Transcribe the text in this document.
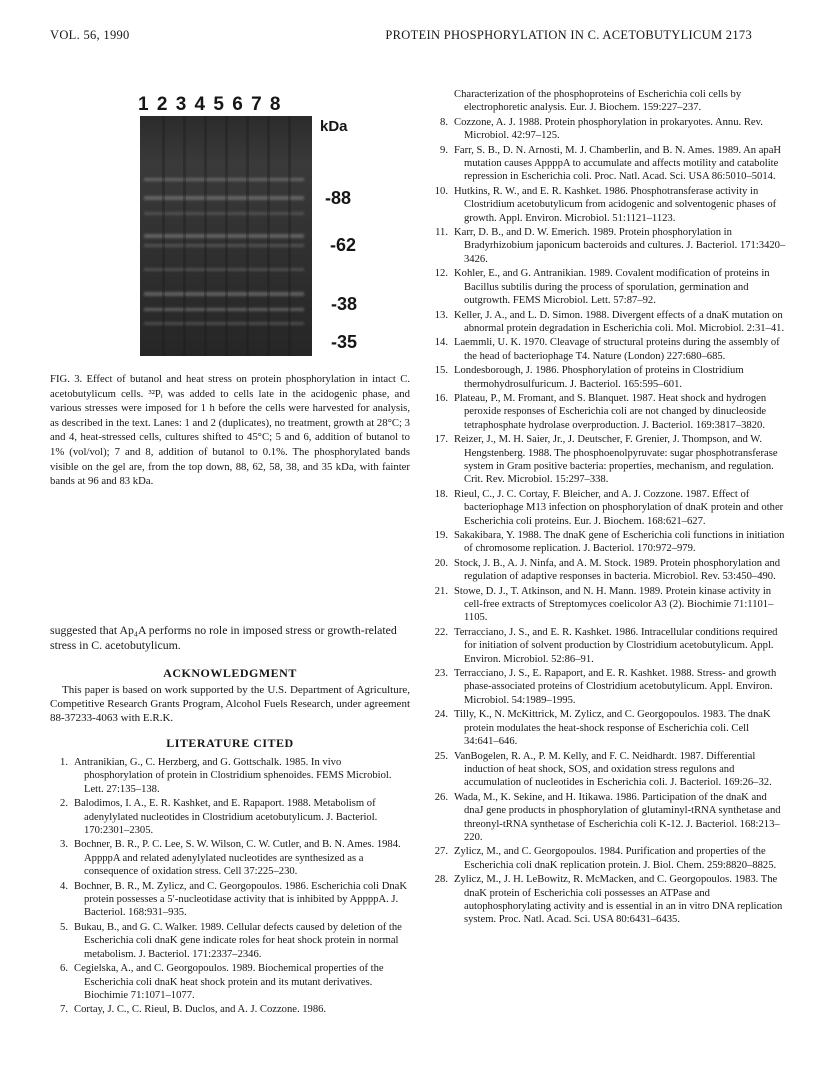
VOL. 56, 1990	PROTEIN PHOSPHORYLATION IN C. ACETOBUTYLICUM 2173
1 2 3 4 5 6 7 8
kDa
-88
-62
-38
-35
FIG. 3. Effect of butanol and heat stress on protein phosphorylation in intact C. acetobutylicum cells. ³²Pᵢ was added to cells late in the acidogenic phase, and various stresses were imposed for 1 h before the cells were harvested for analysis, as described in the text. Lanes: 1 and 2 (duplicates), no treatment, growth at 28°C; 3 and 4, heat-stressed cells, cultures shifted to 45°C; 5 and 6, addition of butanol to 1% (vol/vol); 7 and 8, addition of butanol to 0.1%. The phosphorylated bands visible on the gel are, from the top down, 88, 62, 58, 38, and 35 kDa, with fainter bands at 96 and 83 kDa.
suggested that Ap₄A performs no role in imposed stress or growth-related stress in C. acetobutylicum.
ACKNOWLEDGMENT
This paper is based on work supported by the U.S. Department of Agriculture, Competitive Research Grants Program, Alcohol Fuels Research, under agreement 88-37233-4063 with E.R.K.
LITERATURE CITED
1. Antranikian, G., C. Herzberg, and G. Gottschalk. 1985. In vivo phosphorylation of protein in Clostridium sphenoides. FEMS Microbiol. Lett. 27:135–138.
2. Balodimos, I. A., E. R. Kashket, and E. Rapaport. 1988. Metabolism of adenylylated nucleotides in Clostridium acetobutylicum. J. Bacteriol. 170:2301–2305.
3. Bochner, B. R., P. C. Lee, S. W. Wilson, C. W. Cutler, and B. N. Ames. 1984. AppppA and related adenylylated nucleotides are synthesized as a consequence of oxidation stress. Cell 37:225–230.
4. Bochner, B. R., M. Zylicz, and C. Georgopoulos. 1986. Escherichia coli DnaK protein possesses a 5′-nucleotidase activity that is inhibited by AppppA. J. Bacteriol. 168:931–935.
5. Bukau, B., and G. C. Walker. 1989. Cellular defects caused by deletion of the Escherichia coli dnaK gene indicate roles for heat shock protein in normal metabolism. J. Bacteriol. 171:2337–2346.
6. Cegielska, A., and C. Georgopoulos. 1989. Biochemical properties of the Escherichia coli dnaK heat shock protein and its mutant derivatives. Biochimie 71:1071–1077.
7. Cortay, J. C., C. Rieul, B. Duclos, and A. J. Cozzone. 1986.
Characterization of the phosphoproteins of Escherichia coli cells by electrophoretic analysis. Eur. J. Biochem. 159:227–237.
8. Cozzone, A. J. 1988. Protein phosphorylation in prokaryotes. Annu. Rev. Microbiol. 42:97–125.
9. Farr, S. B., D. N. Arnosti, M. J. Chamberlin, and B. N. Ames. 1989. An apaH mutation causes AppppA to accumulate and affects motility and catabolite repression in Escherichia coli. Proc. Natl. Acad. Sci. USA 86:5010–5014.
10. Hutkins, R. W., and E. R. Kashket. 1986. Phosphotransferase activity in Clostridium acetobutylicum from acidogenic and solventogenic phases of growth. Appl. Environ. Microbiol. 51:1121–1123.
11. Karr, D. B., and D. W. Emerich. 1989. Protein phosphorylation in Bradyrhizobium japonicum bacteroids and cultures. J. Bacteriol. 171:3420–3426.
12. Kohler, E., and G. Antranikian. 1989. Covalent modification of proteins in Bacillus subtilis during the process of sporulation, germination and outgrowth. FEMS Microbiol. Lett. 57:87–92.
13. Keller, J. A., and L. D. Simon. 1988. Divergent effects of a dnaK mutation on abnormal protein degradation in Escherichia coli. Mol. Microbiol. 2:31–41.
14. Laemmli, U. K. 1970. Cleavage of structural proteins during the assembly of the head of bacteriophage T4. Nature (London) 227:680–685.
15. Londesborough, J. 1986. Phosphorylation of proteins in Clostridium thermohydrosulfuricum. J. Bacteriol. 165:595–601.
16. Plateau, P., M. Fromant, and S. Blanquet. 1987. Heat shock and hydrogen peroxide responses of Escherichia coli are not changed by dinucleoside tetraphosphate hydrolase overproduction. J. Bacteriol. 169:3817–3820.
17. Reizer, J., M. H. Saier, Jr., J. Deutscher, F. Grenier, J. Thompson, and W. Hengstenberg. 1988. The phosphoenolpyruvate: sugar phosphotransferase system in Gram positive bacteria: properties, mechanism, and regulation. Crit. Rev. Microbiol. 15:297–338.
18. Rieul, C., J. C. Cortay, F. Bleicher, and A. J. Cozzone. 1987. Effect of bacteriophage M13 infection on phosphorylation of dnaK protein and other Escherichia coli proteins. Eur. J. Biochem. 168:621–627.
19. Sakakibara, Y. 1988. The dnaK gene of Escherichia coli functions in initiation of chromosome replication. J. Bacteriol. 170:972–979.
20. Stock, J. B., A. J. Ninfa, and A. M. Stock. 1989. Protein phosphorylation and regulation of adaptive responses in bacteria. Microbiol. Rev. 53:450–490.
21. Stowe, D. J., T. Atkinson, and N. H. Mann. 1989. Protein kinase activity in cell-free extracts of Streptomyces coelicolor A3 (2). Biochimie 71:1101–1105.
22. Terracciano, J. S., and E. R. Kashket. 1986. Intracellular conditions required for initiation of solvent production by Clostridium acetobutylicum. Appl. Environ. Microbiol. 52:86–91.
23. Terracciano, J. S., E. Rapaport, and E. R. Kashket. 1988. Stress- and growth phase-associated proteins of Clostridium acetobutylicum. Appl. Environ. Microbiol. 54:1989–1995.
24. Tilly, K., N. McKittrick, M. Zylicz, and C. Georgopoulos. 1983. The dnaK protein modulates the heat-shock response of Escherichia coli. Cell 34:641–646.
25. VanBogelen, R. A., P. M. Kelly, and F. C. Neidhardt. 1987. Differential induction of heat shock, SOS, and oxidation stress regulons and accumulation of nucleotides in Escherichia coli. J. Bacteriol. 169:26–32.
26. Wada, M., K. Sekine, and H. Itikawa. 1986. Participation of the dnaK and dnaJ gene products in phosphorylation of glutaminyl-tRNA synthetase and threonyl-tRNA synthetase of Escherichia coli K-12. J. Bacteriol. 168:213–220.
27. Zylicz, M., and C. Georgopoulos. 1984. Purification and properties of the Escherichia coli dnaK replication protein. J. Biol. Chem. 259:8820–8825.
28. Zylicz, M., J. H. LeBowitz, R. McMacken, and C. Georgopoulos. 1983. The dnaK protein of Escherichia coli possesses an ATPase and autophosphorylating activity and is essential in an in vitro DNA replication system. Proc. Natl. Acad. Sci. USA 80:6431–6435.
